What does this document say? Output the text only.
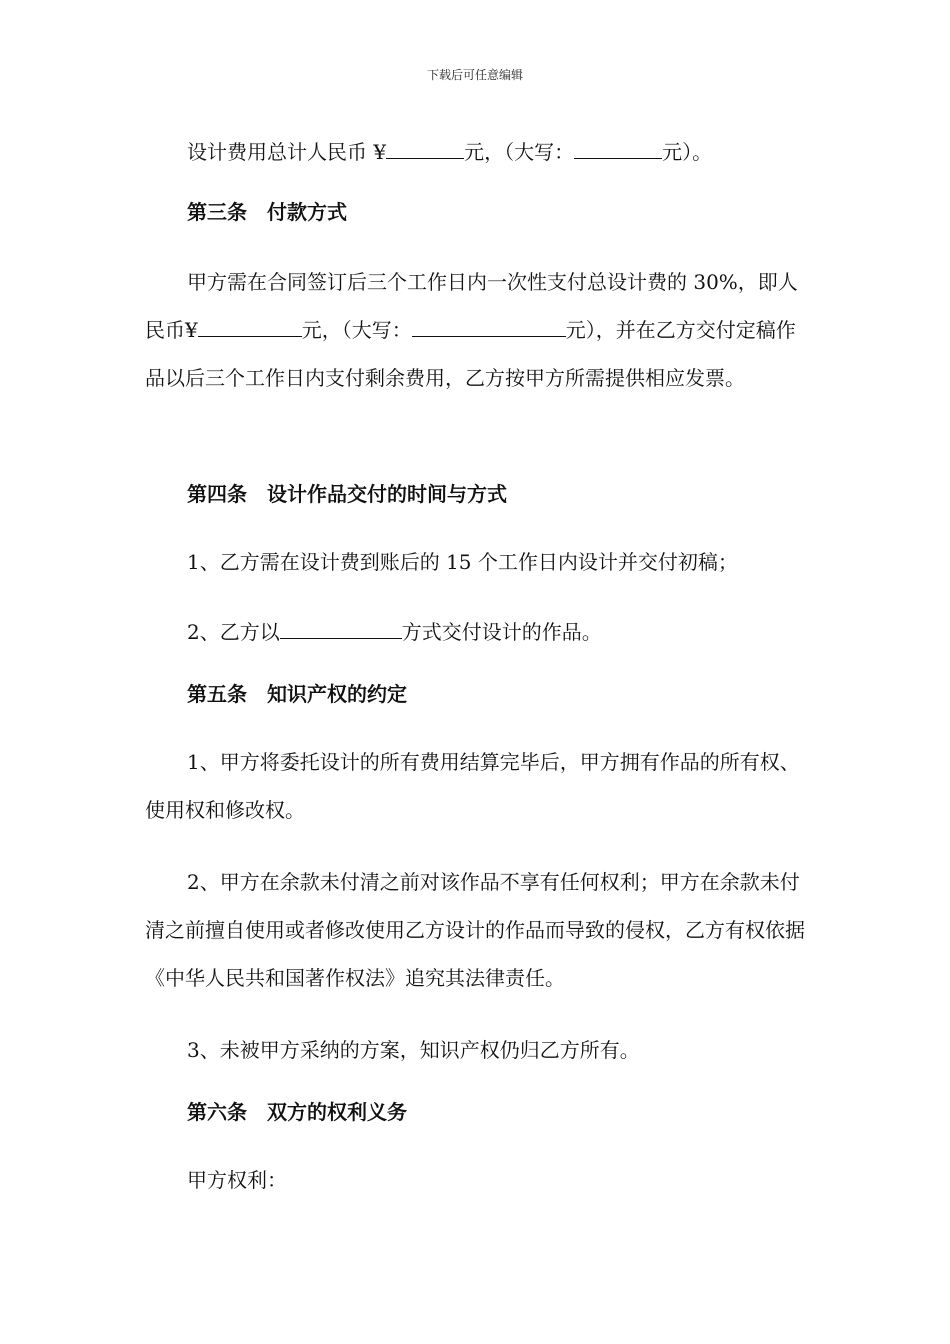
下载后可任意编辑

设计费用总计人民币 ¥	元，（大写：	元）。

第三条　付款方式

甲方需在合同签订后三个工作日内一次性支付总设计费的 30%，即人民币¥	元，（大写：	元），并在乙方交付定稿作品以后三个工作日内支付剩余费用，乙方按甲方所需提供相应发票。

第四条　设计作品交付的时间与方式

1、乙方需在设计费到账后的 15 个工作日内设计并交付初稿；

2、乙方以	方式交付设计的作品。

第五条　知识产权的约定

1、甲方将委托设计的所有费用结算完毕后，甲方拥有作品的所有权、使用权和修改权。

2、甲方在余款未付清之前对该作品不享有任何权利；甲方在余款未付清之前擅自使用或者修改使用乙方设计的作品而导致的侵权，乙方有权依据《中华人民共和国著作权法》追究其法律责任。

3、未被甲方采纳的方案，知识产权仍归乙方所有。

第六条　双方的权利义务

甲方权利：
